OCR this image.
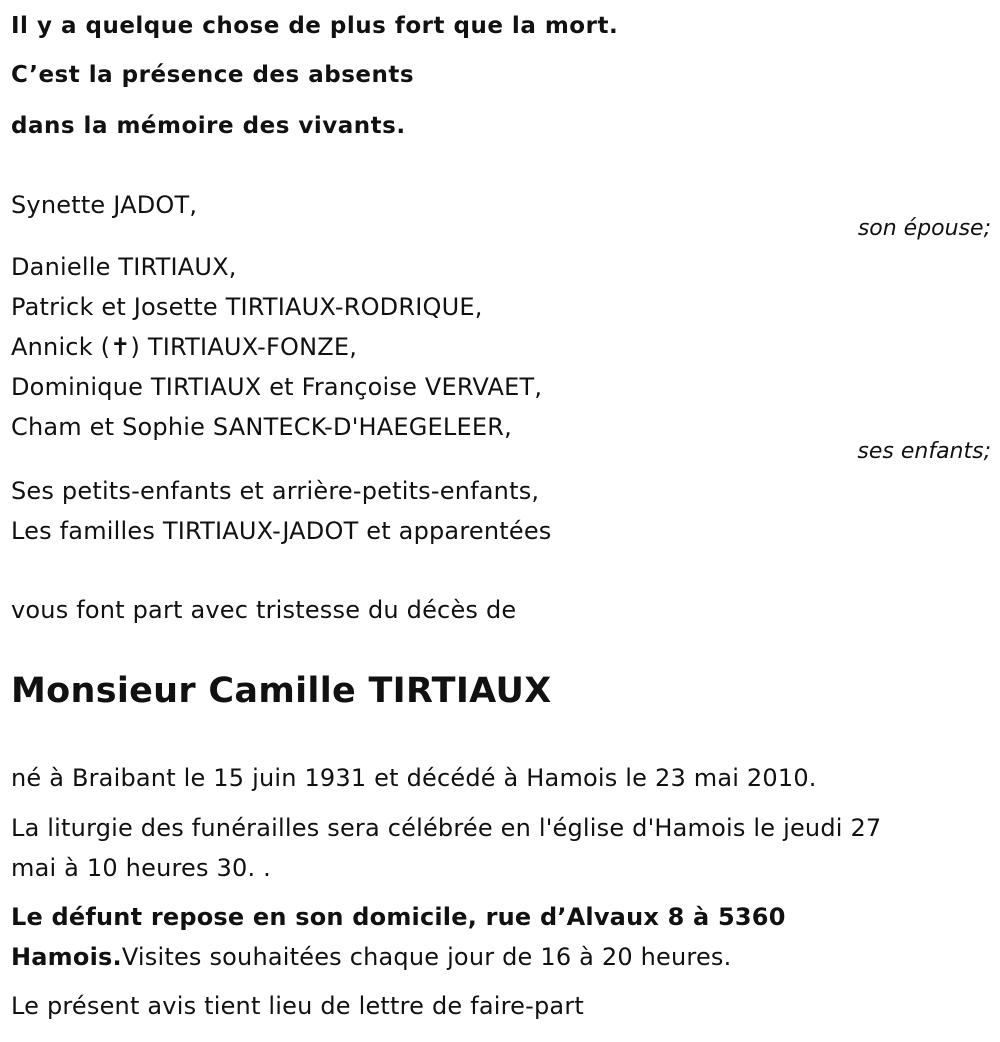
Il y a quelque chose de plus fort que la mort.
C’est la présence des absents
dans la mémoire des vivants.
Synette JADOT,
son épouse;
Danielle TIRTIAUX,
Patrick et Josette TIRTIAUX-RODRIQUE,
Annick (✝) TIRTIAUX-FONZE,
Dominique TIRTIAUX et Françoise VERVAET,
Cham et Sophie SANTECK-D'HAEGELEER,
ses enfants;
Ses petits-enfants et arrière-petits-enfants,
Les familles TIRTIAUX-JADOT et apparentées
vous font part avec tristesse du décès de
Monsieur Camille TIRTIAUX
né à Braibant le 15 juin 1931 et décédé à Hamois le 23 mai 2010.
La liturgie des funérailles sera célébrée en l'église d'Hamois le jeudi 27
mai à 10 heures 30. .
Le défunt repose en son domicile, rue d’Alvaux 8 à 5360
Hamois.Visites souhaitées chaque jour de 16 à 20 heures.
Le présent avis tient lieu de lettre de faire-part
